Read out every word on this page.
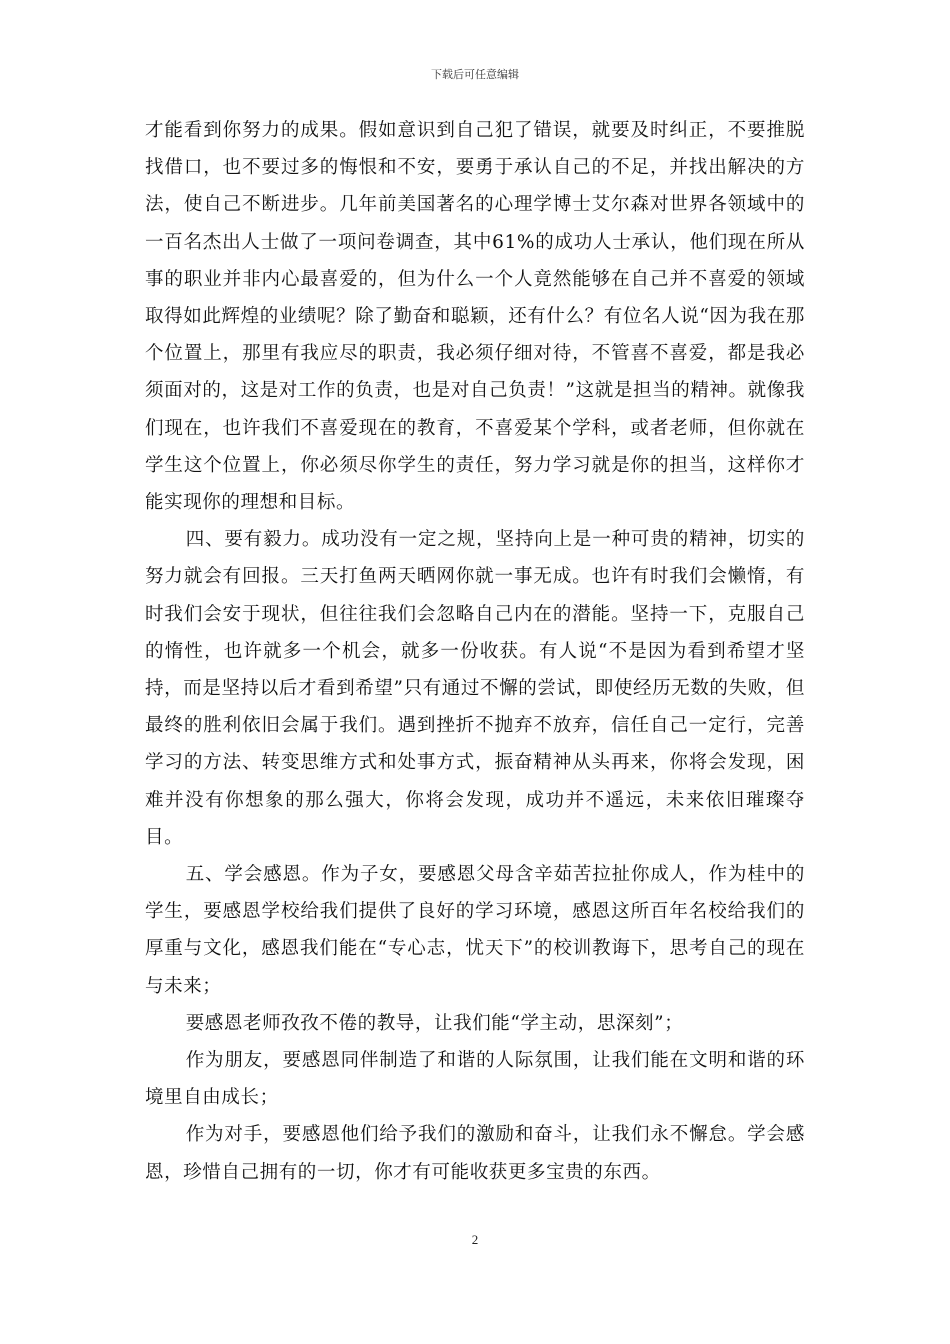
下载后可任意编辑

才能看到你努力的成果。假如意识到自己犯了错误，就要及时纠正，不要推脱找借口，也不要过多的悔恨和不安，要勇于承认自己的不足，并找出解决的方法，使自己不断进步。几年前美国著名的心理学博士艾尔森对世界各领域中的一百名杰出人士做了一项问卷调查，其中61%的成功人士承认，他们现在所从事的职业并非内心最喜爱的，但为什么一个人竟然能够在自己并不喜爱的领域取得如此辉煌的业绩呢？除了勤奋和聪颖，还有什么？有位名人说“因为我在那个位置上，那里有我应尽的职责，我必须仔细对待，不管喜不喜爱，都是我必须面对的，这是对工作的负责，也是对自己负责！”这就是担当的精神。就像我们现在，也许我们不喜爱现在的教育，不喜爱某个学科，或者老师，但你就在学生这个位置上，你必须尽你学生的责任，努力学习就是你的担当，这样你才能实现你的理想和目标。

四、要有毅力。成功没有一定之规，坚持向上是一种可贵的精神，切实的努力就会有回报。三天打鱼两天晒网你就一事无成。也许有时我们会懒惰，有时我们会安于现状，但往往我们会忽略自己内在的潜能。坚持一下，克服自己的惰性，也许就多一个机会，就多一份收获。有人说“不是因为看到希望才坚持，而是坚持以后才看到希望”只有通过不懈的尝试，即使经历无数的失败，但最终的胜利依旧会属于我们。遇到挫折不抛弃不放弃，信任自己一定行，完善学习的方法、转变思维方式和处事方式，振奋精神从头再来，你将会发现，困难并没有你想象的那么强大，你将会发现，成功并不遥远，未来依旧璀璨夺目。

五、学会感恩。作为子女，要感恩父母含辛茹苦拉扯你成人，作为桂中的学生，要感恩学校给我们提供了良好的学习环境，感恩这所百年名校给我们的厚重与文化，感恩我们能在“专心志，忧天下”的校训教诲下，思考自己的现在与未来；

要感恩老师孜孜不倦的教导，让我们能“学主动，思深刻”；

作为朋友，要感恩同伴制造了和谐的人际氛围，让我们能在文明和谐的环境里自由成长；

作为对手，要感恩他们给予我们的激励和奋斗，让我们永不懈怠。学会感恩，珍惜自己拥有的一切，你才有可能收获更多宝贵的东西。

2
